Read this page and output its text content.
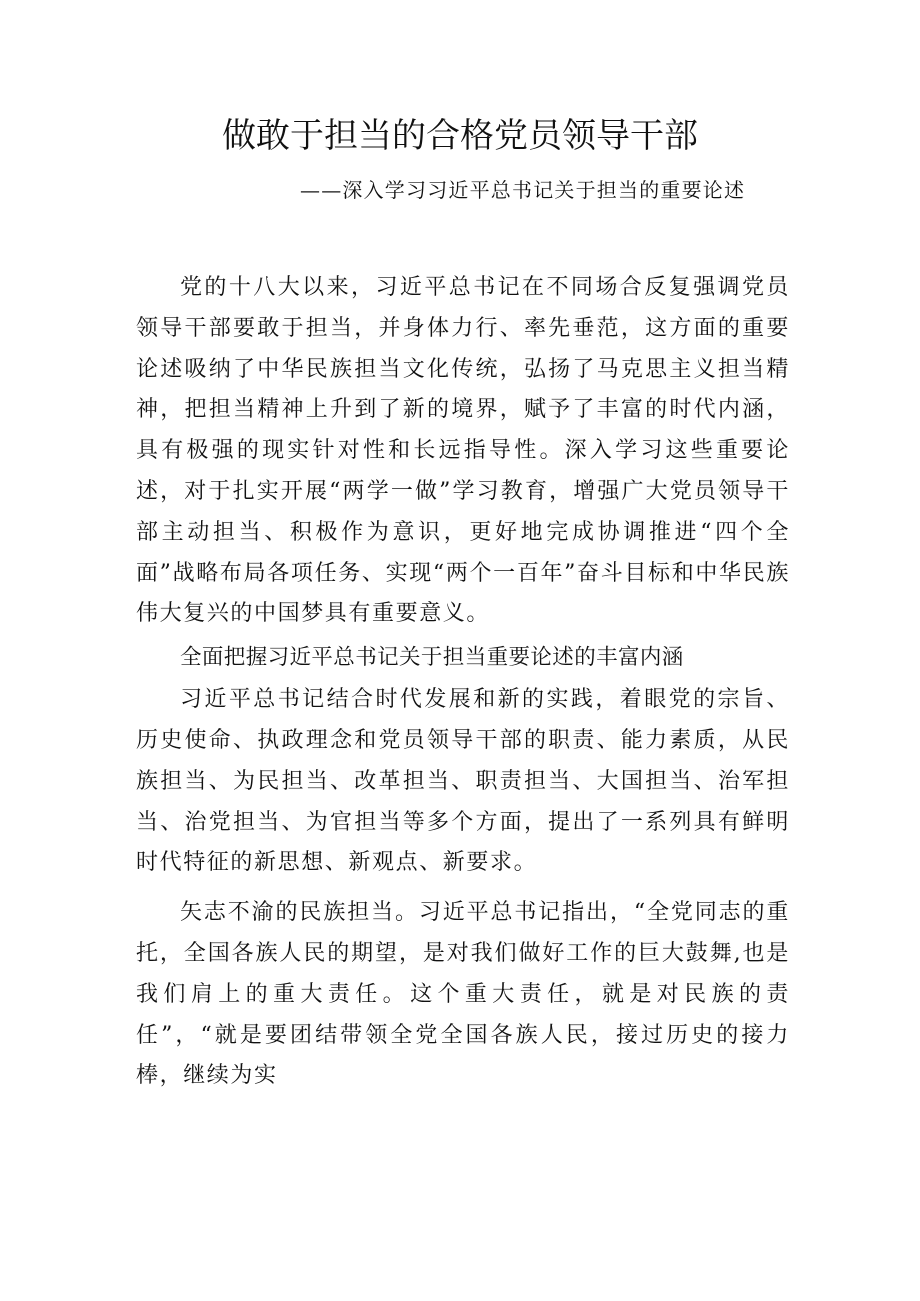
做敢于担当的合格党员领导干部
——深入学习习近平总书记关于担当的重要论述

党的十八大以来，习近平总书记在不同场合反复强调党员领导干部要敢于担当，并身体力行、率先垂范，这方面的重要论述吸纳了中华民族担当文化传统，弘扬了马克思主义担当精神，把担当精神上升到了新的境界，赋予了丰富的时代内涵，具有极强的现实针对性和长远指导性。深入学习这些重要论述，对于扎实开展“两学一做”学习教育，增强广大党员领导干部主动担当、积极作为意识，更好地完成协调推进“四个全面”战略布局各项任务、实现“两个一百年”奋斗目标和中华民族伟大复兴的中国梦具有重要意义。

全面把握习近平总书记关于担当重要论述的丰富内涵

习近平总书记结合时代发展和新的实践，着眼党的宗旨、历史使命、执政理念和党员领导干部的职责、能力素质，从民族担当、为民担当、改革担当、职责担当、大国担当、治军担当、治党担当、为官担当等多个方面，提出了一系列具有鲜明时代特征的新思想、新观点、新要求。

矢志不渝的民族担当。习近平总书记指出，“全党同志的重托，全国各族人民的期望，是对我们做好工作的巨大鼓舞,也是我们肩上的重大责任。这个重大责任，就是对民族的责任”，“就是要团结带领全党全国各族人民，接过历史的接力棒，继续为实
